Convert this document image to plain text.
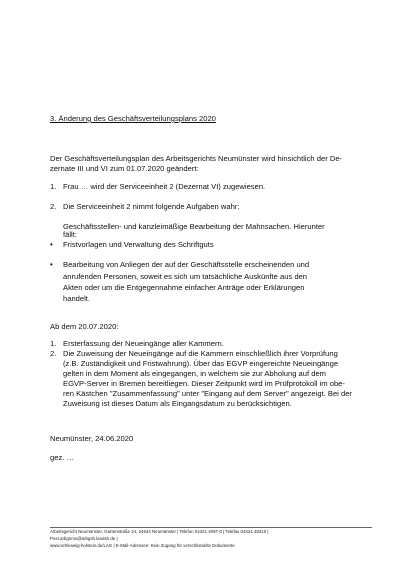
3. Änderung des Geschäftsverteilungsplans 2020
Der Geschäftsverteilungsplan des Arbeitsgerichts Neumünster wird hinsichtlich der De-
zernate III und VI zum 01.07.2020 geändert:
1. Frau … wird der Serviceeinheit 2 (Dezernat VI) zugewiesen.
2. Die Serviceeinheit 2 nimmt folgende Aufgaben wahr:
Geschäftsstellen- und kanzleimäßige Bearbeitung der Mahnsachen. Hierunter
fällt:
• Fristvorlagen und Verwaltung des Schriftguts
• Bearbeitung von Anliegen der auf der Geschäftsstelle erscheinenden und
anrufenden Personen, soweit es sich um tatsächliche Auskünfte aus den
Akten oder um die Entgegennahme einfacher Anträge oder Erklärungen
handelt.
Ab dem 20.07.2020:
1. Ersterfassung der Neueingänge aller Kammern.
2. Die Zuweisung der Neueingänge auf die Kammern einschließlich ihrer Vorprüfung
(z.B. Zuständigkeit und Fristwahrung). Über das EGVP eingereichte Neueingänge
gelten in dem Moment als eingegangen, in welchem sie zur Abholung auf dem
EGVP-Server in Bremen bereitliegen. Dieser Zeitpunkt wird im Prüfprotokoll im obe-
ren Kästchen "Zusammenfassung" unter "Eingang auf dem Server" angezeigt. Bei der
Zuweisung ist dieses Datum als Eingangsdatum zu berücksichtigen.
Neumünster, 24.06.2020
gez. …
Arbeitsgericht Neumünster, Gartenstraße 24, 24534 Neumünster | Telefon 04321 4097-0 | Telefax 04321.48310 |
Post.arbgnms@arbgsh.landsh.de |
www.schleswig-holstein.de/LAG | E-Mail-Adressen: Kein Zugang für verschlüsselte Dokumente
